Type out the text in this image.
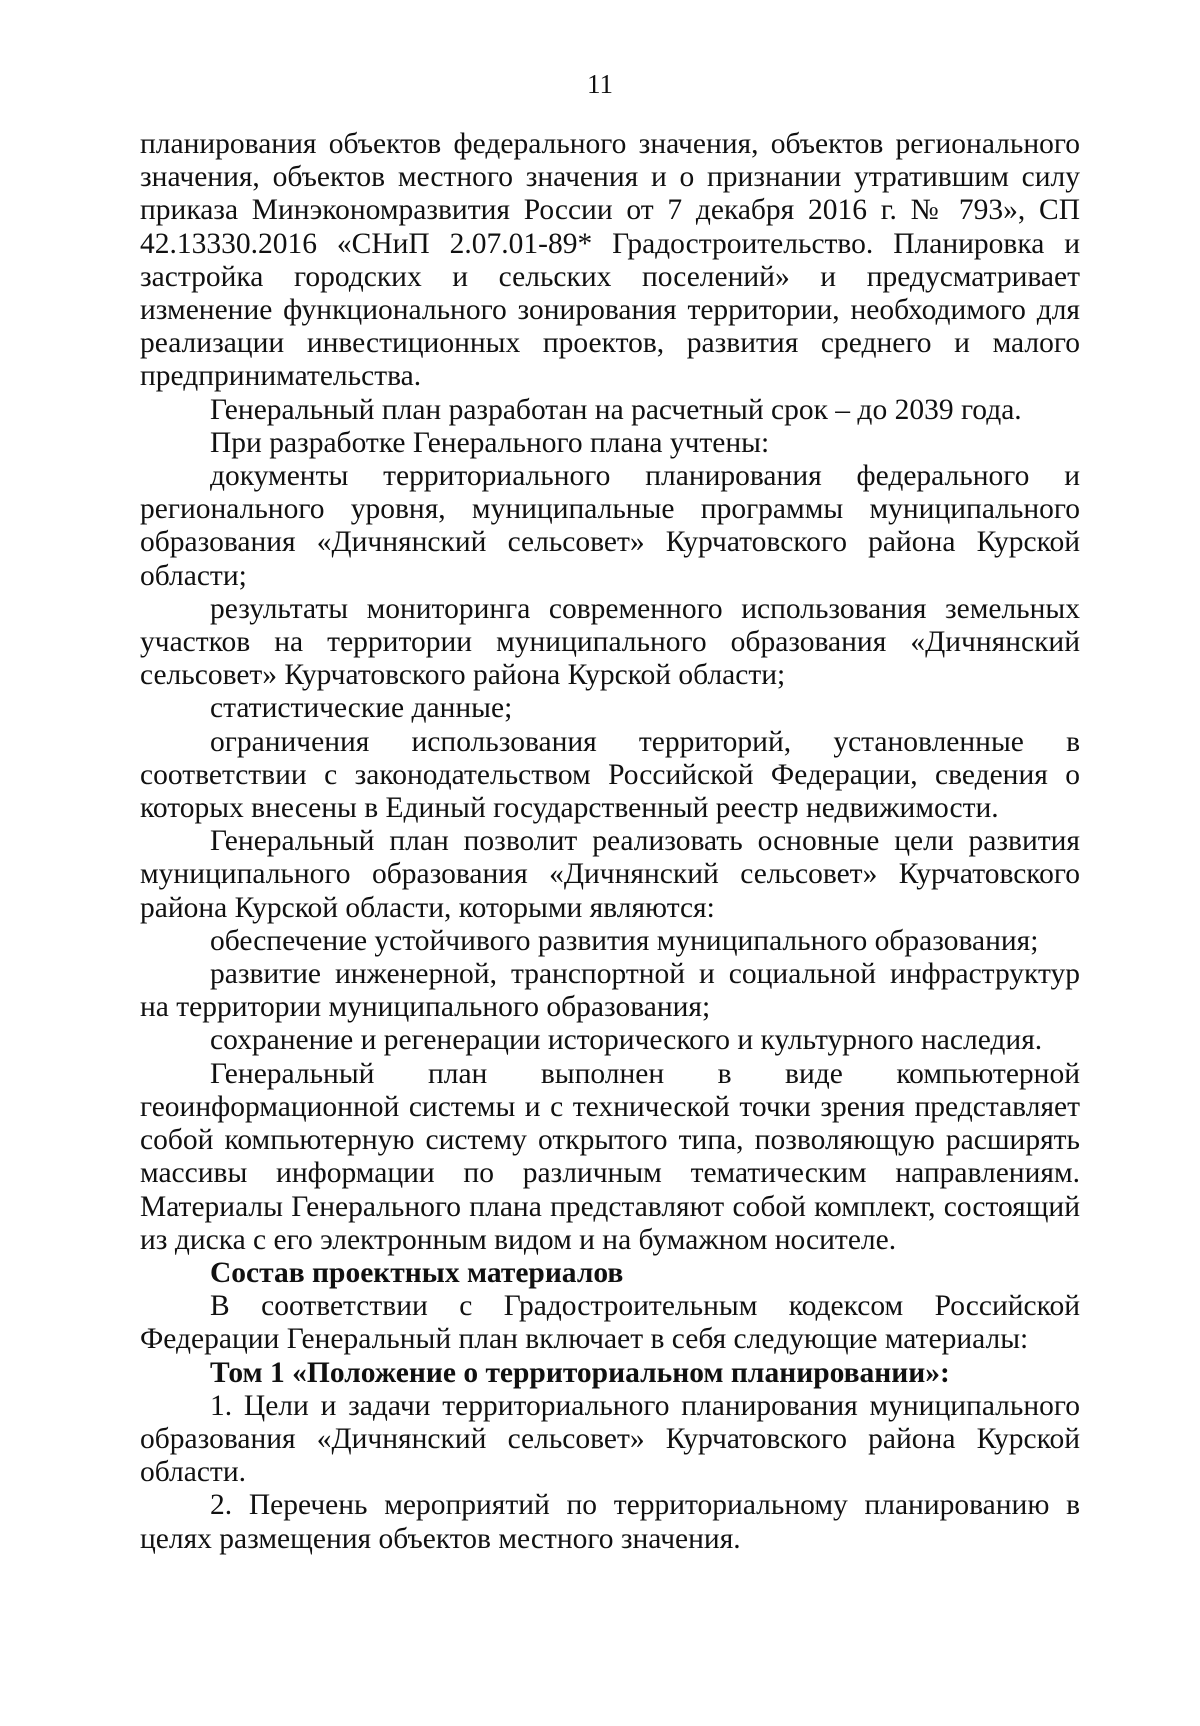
11

планирования объектов федерального значения, объектов регионального значения, объектов местного значения и о признании утратившим силу приказа Минэкономразвития России от 7 декабря 2016 г. № 793», СП 42.13330.2016 «СНиП 2.07.01-89* Градостроительство. Планировка и застройка городских и сельских поселений» и предусматривает изменение функционального зонирования территории, необходимого для реализации инвестиционных проектов, развития среднего и малого предпринимательства.

Генеральный план разработан на расчетный срок – до 2039 года.

При разработке Генерального плана учтены:

документы территориального планирования федерального и регионального уровня, муниципальные программы муниципального образования «Дичнянский сельсовет» Курчатовского района Курской области;

результаты мониторинга современного использования земельных участков на территории муниципального образования «Дичнянский сельсовет» Курчатовского района Курской области;

статистические данные;

ограничения использования территорий, установленные в соответствии с законодательством Российской Федерации, сведения о которых внесены в Единый государственный реестр недвижимости.

Генеральный план позволит реализовать основные цели развития муниципального образования «Дичнянский сельсовет» Курчатовского района Курской области, которыми являются:

обеспечение устойчивого развития муниципального образования;

развитие инженерной, транспортной и социальной инфраструктур на территории муниципального образования;

сохранение и регенерации исторического и культурного наследия.

Генеральный план выполнен в виде компьютерной геоинформационной системы и с технической точки зрения представляет собой компьютерную систему открытого типа, позволяющую расширять массивы информации по различным тематическим направлениям. Материалы Генерального плана представляют собой комплект, состоящий из диска с его электронным видом и на бумажном носителе.

Состав проектных материалов

В соответствии с Градостроительным кодексом Российской Федерации Генеральный план включает в себя следующие материалы:

Том 1 «Положение о территориальном планировании»:

1. Цели и задачи территориального планирования муниципального образования «Дичнянский сельсовет» Курчатовского района Курской области.

2. Перечень мероприятий по территориальному планированию в целях размещения объектов местного значения.
